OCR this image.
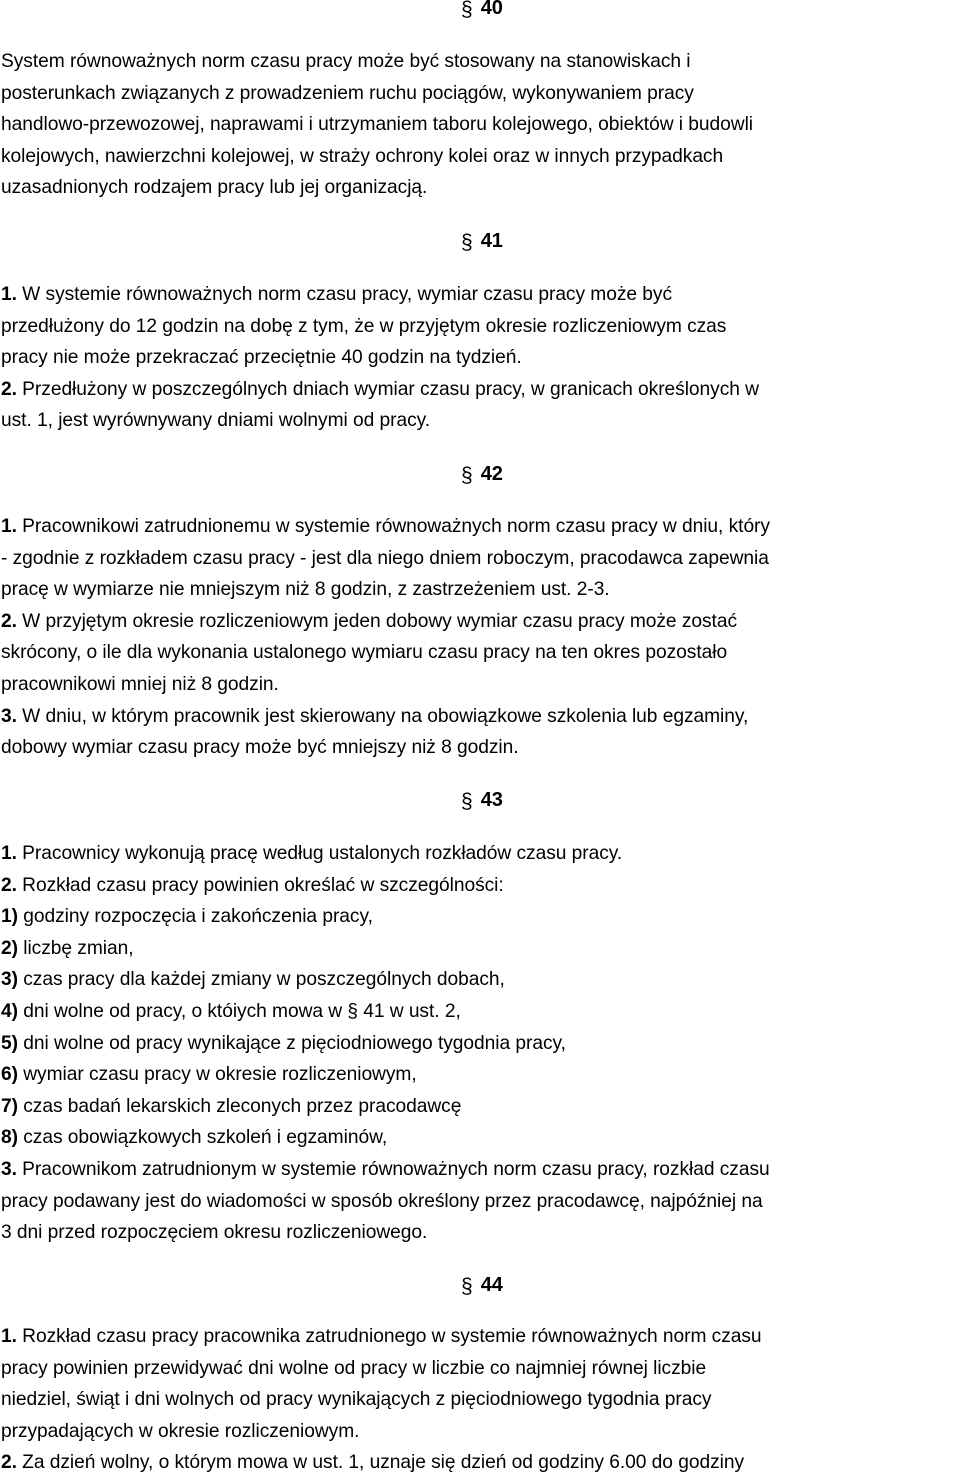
§ 40
System równoważnych norm czasu pracy może być stosowany na stanowiskach i
posterunkach związanych z prowadzeniem ruchu pociągów, wykonywaniem pracy
handlowo-przewozowej, naprawami i utrzymaniem taboru kolejowego, obiektów i budowli
kolejowych, nawierzchni kolejowej, w straży ochrony kolei oraz w innych przypadkach
uzasadnionych rodzajem pracy lub jej organizacją.
§ 41
1. W systemie równoważnych norm czasu pracy, wymiar czasu pracy może być
przedłużony do 12 godzin na dobę z tym, że w przyjętym okresie rozliczeniowym czas
pracy nie może przekraczać przeciętnie 40 godzin na tydzień.
2. Przedłużony w poszczególnych dniach wymiar czasu pracy, w granicach określonych w
ust. 1, jest wyrównywany dniami wolnymi od pracy.
§ 42
1. Pracownikowi zatrudnionemu w systemie równoważnych norm czasu pracy w dniu, który
- zgodnie z rozkładem czasu pracy - jest dla niego dniem roboczym, pracodawca zapewnia
pracę w wymiarze nie mniejszym niż 8 godzin, z zastrzeżeniem ust. 2-3.
2. W przyjętym okresie rozliczeniowym jeden dobowy wymiar czasu pracy może zostać
skrócony, o ile dla wykonania ustalonego wymiaru czasu pracy na ten okres pozostało
pracownikowi mniej niż 8 godzin.
3. W dniu, w którym pracownik jest skierowany na obowiązkowe szkolenia lub egzaminy,
dobowy wymiar czasu pracy może być mniejszy niż 8 godzin.
§ 43
1. Pracownicy wykonują pracę według ustalonych rozkładów czasu pracy.
2. Rozkład czasu pracy powinien określać w szczególności:
1) godziny rozpoczęcia i zakończenia pracy,
2) liczbę zmian,
3) czas pracy dla każdej zmiany w poszczególnych dobach,
4) dni wolne od pracy, o któiych mowa w § 41 w ust. 2,
5) dni wolne od pracy wynikające z pięciodniowego tygodnia pracy,
6) wymiar czasu pracy w okresie rozliczeniowym,
7) czas badań lekarskich zleconych przez pracodawcę
8) czas obowiązkowych szkoleń i egzaminów,
3. Pracownikom zatrudnionym w systemie równoważnych norm czasu pracy, rozkład czasu
pracy podawany jest do wiadomości w sposób określony przez pracodawcę, najpóźniej na
3 dni przed rozpoczęciem okresu rozliczeniowego.
§ 44
1. Rozkład czasu pracy pracownika zatrudnionego w systemie równoważnych norm czasu
pracy powinien przewidywać dni wolne od pracy w liczbie co najmniej równej liczbie
niedziel, świąt i dni wolnych od pracy wynikających z pięciodniowego tygodnia pracy
przypadających w okresie rozliczeniowym.
2. Za dzień wolny, o którym mowa w ust. 1, uznaje się dzień od godziny 6.00 do godziny
